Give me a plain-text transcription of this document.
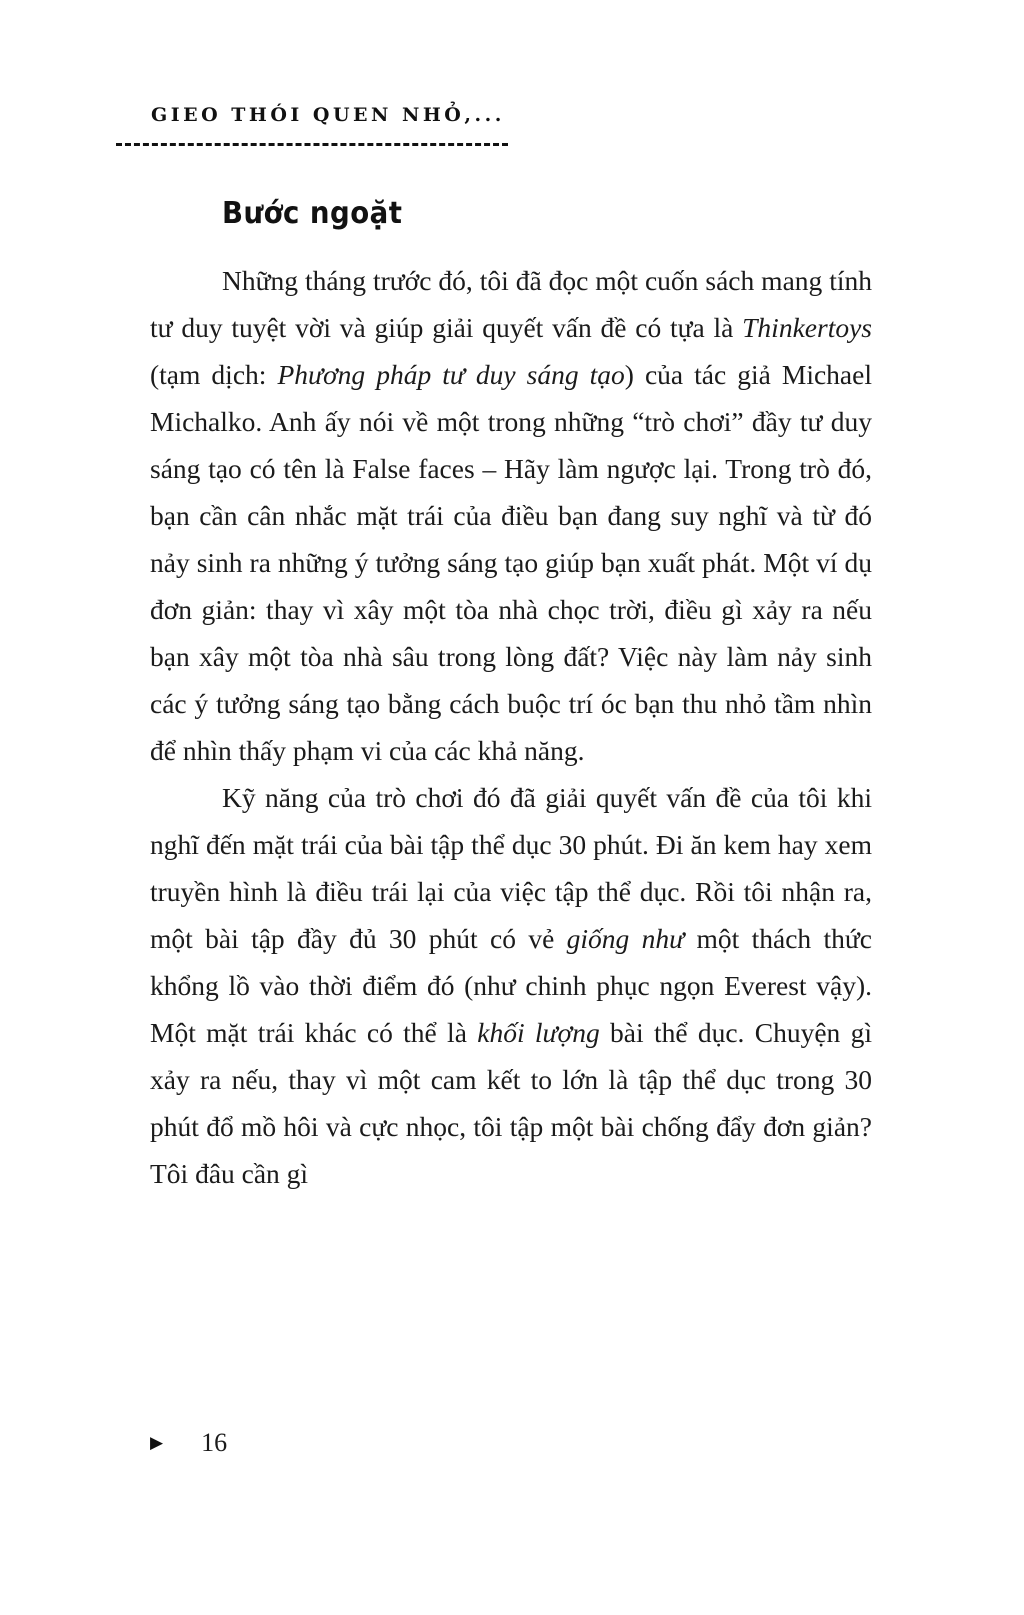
GIEO THÓI QUEN NHỎ,...
Bước ngoặt

Những tháng trước đó, tôi đã đọc một cuốn sách mang tính tư duy tuyệt vời và giúp giải quyết vấn đề có tựa là Thinkertoys (tạm dịch: Phương pháp tư duy sáng tạo) của tác giả Michael Michalko. Anh ấy nói về một trong những “trò chơi” đầy tư duy sáng tạo có tên là False faces – Hãy làm ngược lại. Trong trò đó, bạn cần cân nhắc mặt trái của điều bạn đang suy nghĩ và từ đó nảy sinh ra những ý tưởng sáng tạo giúp bạn xuất phát. Một ví dụ đơn giản: thay vì xây một tòa nhà chọc trời, điều gì xảy ra nếu bạn xây một tòa nhà sâu trong lòng đất? Việc này làm nảy sinh các ý tưởng sáng tạo bằng cách buộc trí óc bạn thu nhỏ tầm nhìn để nhìn thấy phạm vi của các khả năng.

Kỹ năng của trò chơi đó đã giải quyết vấn đề của tôi khi nghĩ đến mặt trái của bài tập thể dục 30 phút. Đi ăn kem hay xem truyền hình là điều trái lại của việc tập thể dục. Rồi tôi nhận ra, một bài tập đầy đủ 30 phút có vẻ giống như một thách thức khổng lồ vào thời điểm đó (như chinh phục ngọn Everest vậy). Một mặt trái khác có thể là khối lượng bài thể dục. Chuyện gì xảy ra nếu, thay vì một cam kết to lớn là tập thể dục trong 30 phút đổ mồ hôi và cực nhọc, tôi tập một bài chống đẩy đơn giản? Tôi đâu cần gì

▶ 16
